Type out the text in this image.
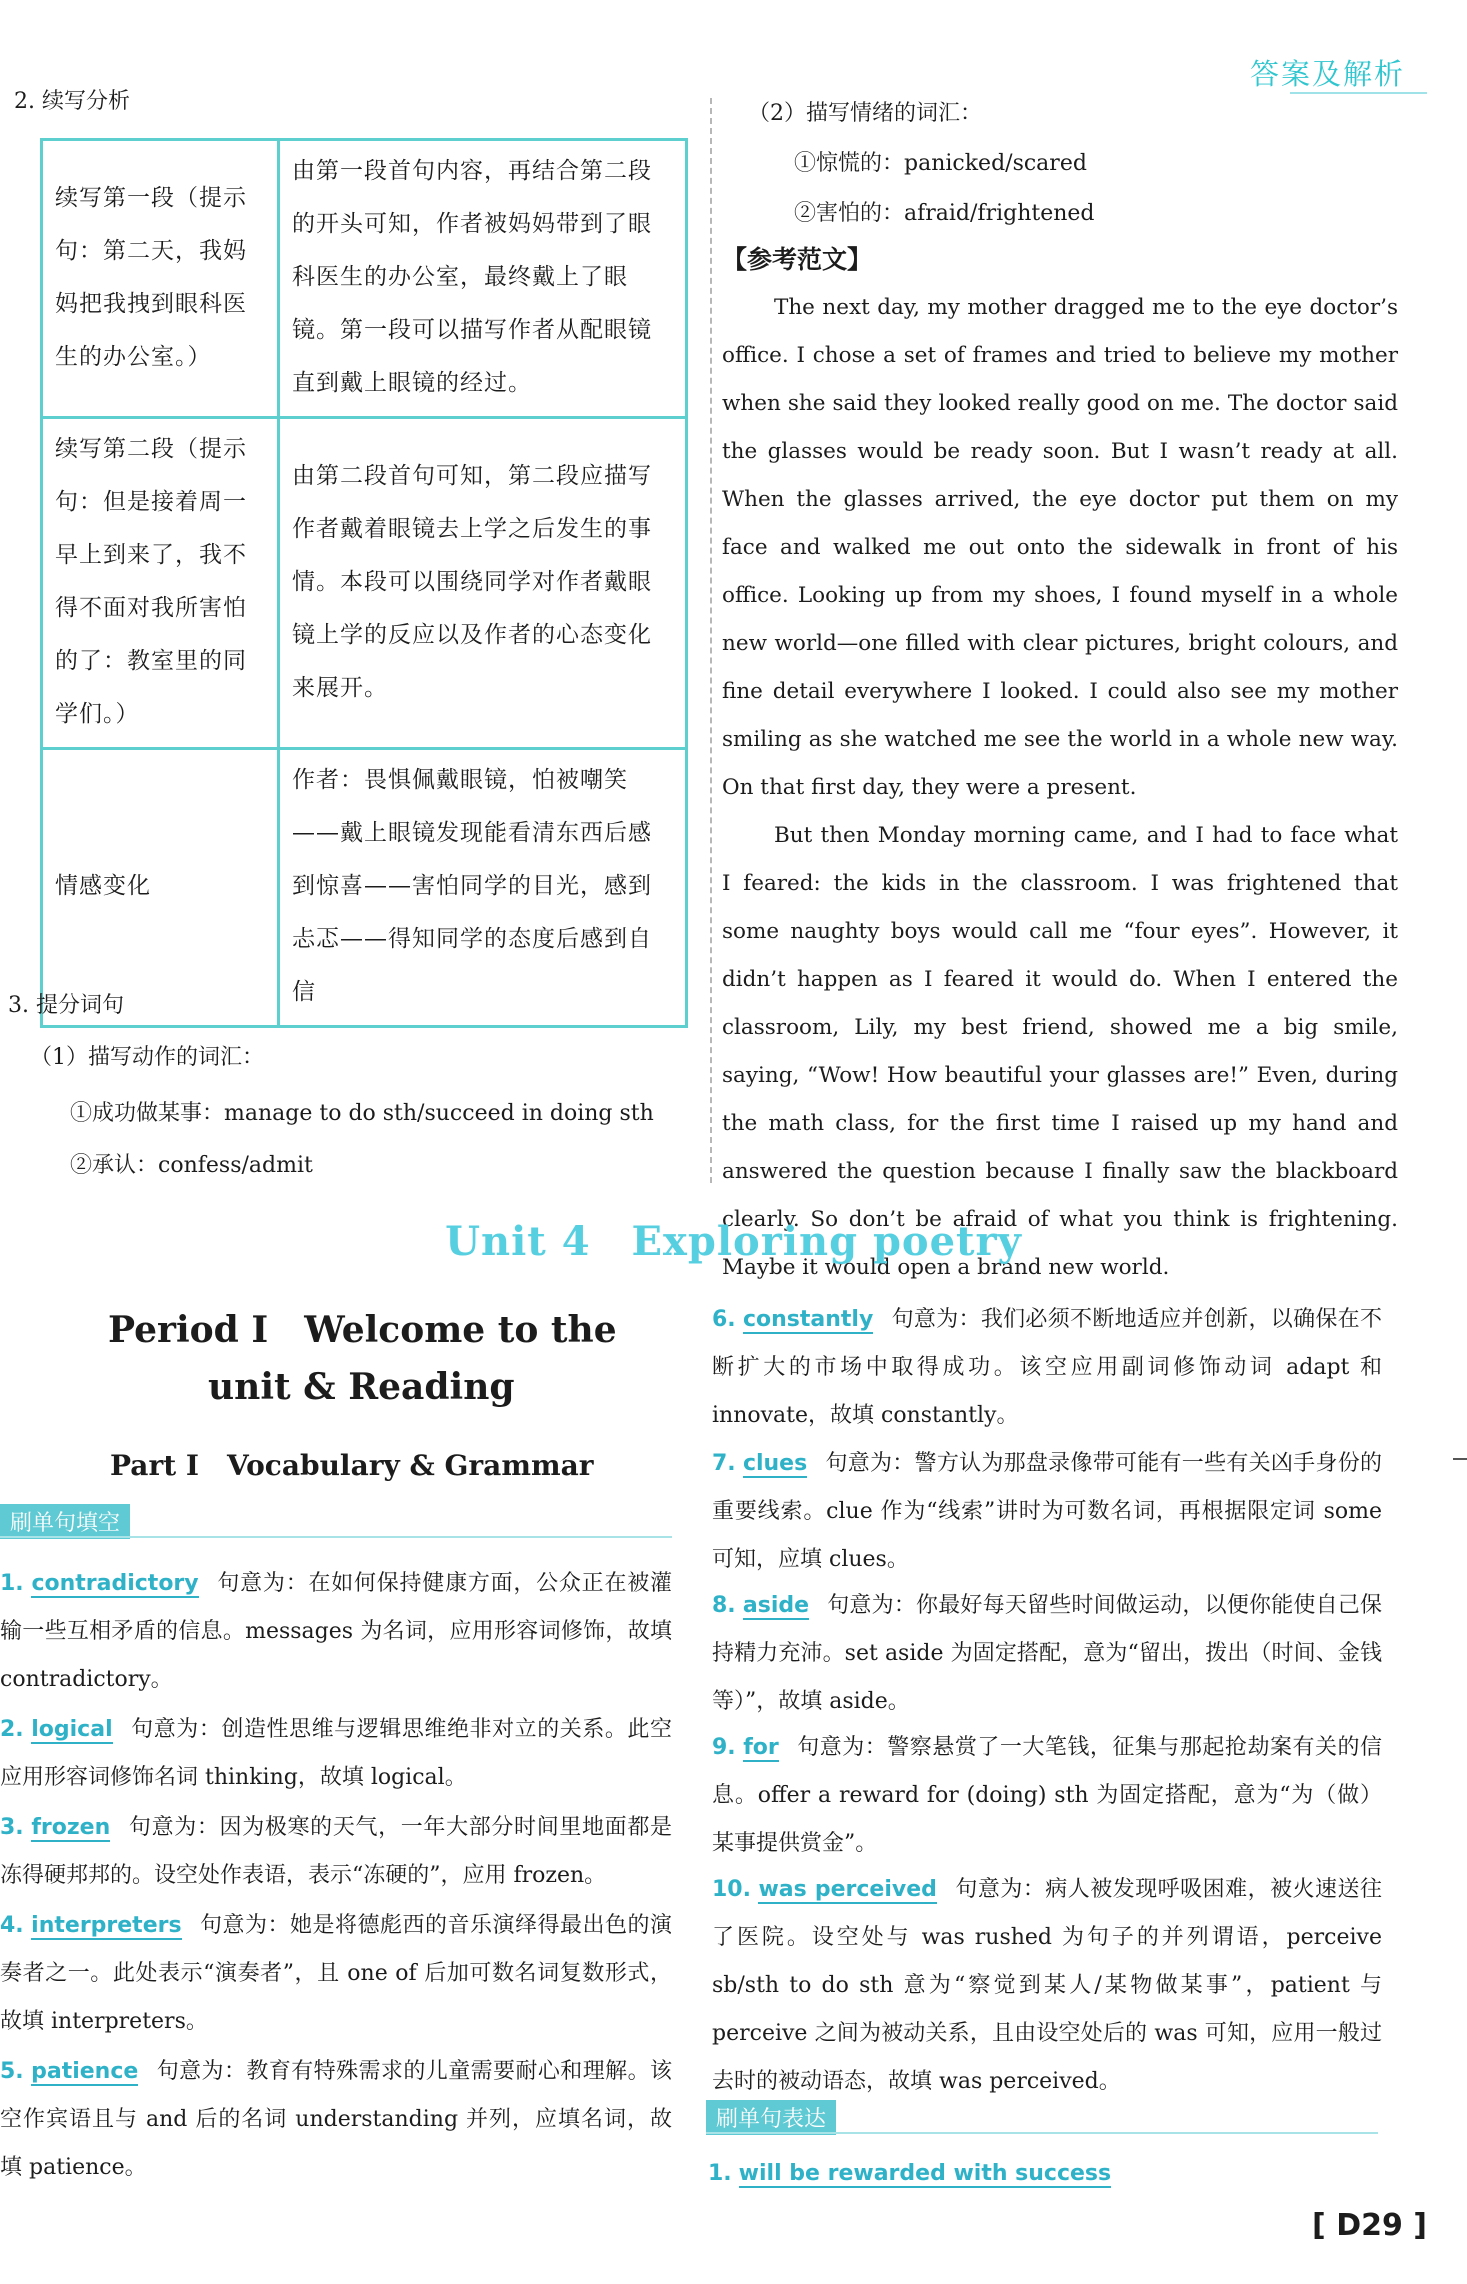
答案及解析
2. 续写分析
续写第一段（提示句：第二天，我妈妈把我拽到眼科医生的办公室。）	由第一段首句内容，再结合第二段的开头可知，作者被妈妈带到了眼科医生的办公室，最终戴上了眼镜。第一段可以描写作者从配眼镜直到戴上眼镜的经过。
续写第二段（提示句：但是接着周一早上到来了，我不得不面对我所害怕的了：教室里的同学们。）	由第二段首句可知，第二段应描写作者戴着眼镜去上学之后发生的事情。本段可以围绕同学对作者戴眼镜上学的反应以及作者的心态变化来展开。
情感变化	作者：畏惧佩戴眼镜，怕被嘲笑——戴上眼镜发现能看清东西后感到惊喜——害怕同学的目光，感到忐忑——得知同学的态度后感到自信
3. 提分词句
（1）描写动作的词汇：
①成功做某事：manage to do sth/succeed in doing sth
②承认：confess/admit
（2）描写情绪的词汇：
①惊慌的：panicked/scared
②害怕的：afraid/frightened
【参考范文】

The next day, my mother dragged me to the eye doctor’s office. I chose a set of frames and tried to believe my mother when she said they looked really good on me. The doctor said the glasses would be ready soon. But I wasn’t ready at all. When the glasses arrived, the eye doctor put them on my face and walked me out onto the sidewalk in front of his office. Looking up from my shoes, I found myself in a whole new world—one filled with clear pictures, bright colours, and fine detail everywhere I looked. I could also see my mother smiling as she watched me see the world in a whole new way. On that first day, they were a present.

But then Monday morning came, and I had to face what I feared: the kids in the classroom. I was frightened that some naughty boys would call me “four eyes”. However, it didn’t happen as I feared it would do. When I entered the classroom, Lily, my best friend, showed me a big smile, saying, “Wow! How beautiful your glasses are!” Even, during the math class, for the first time I raised up my hand and answered the question because I finally saw the blackboard clearly. So don’t be afraid of what you think is frightening. Maybe it would open a brand new world.

Unit 4　Exploring poetry
Period Ⅰ　Welcome to the
unit & Reading
Part Ⅰ　Vocabulary & Grammar
刷单句填空

1. contradictory 句意为：在如何保持健康方面，公众正在被灌输一些互相矛盾的信息。messages 为名词，应用形容词修饰，故填 contradictory。

2. logical 句意为：创造性思维与逻辑思维绝非对立的关系。此空应用形容词修饰名词 thinking，故填 logical。

3. frozen 句意为：因为极寒的天气，一年大部分时间里地面都是冻得硬邦邦的。设空处作表语，表示“冻硬的”，应用 frozen。

4. interpreters 句意为：她是将德彪西的音乐演绎得最出色的演奏者之一。此处表示“演奏者”，且 one of 后加可数名词复数形式，故填 interpreters。

5. patience 句意为：教育有特殊需求的儿童需要耐心和理解。该空作宾语且与 and 后的名词 understanding 并列，应填名词，故填 patience。

6. constantly 句意为：我们必须不断地适应并创新，以确保在不断扩大的市场中取得成功。该空应用副词修饰动词 adapt 和 innovate，故填 constantly。

7. clues 句意为：警方认为那盘录像带可能有一些有关凶手身份的重要线索。clue 作为“线索”讲时为可数名词，再根据限定词 some 可知，应填 clues。

8. aside 句意为：你最好每天留些时间做运动，以便你能使自己保持精力充沛。set aside 为固定搭配，意为“留出，拨出（时间、金钱等）”，故填 aside。

9. for 句意为：警察悬赏了一大笔钱，征集与那起抢劫案有关的信息。offer a reward for (doing) sth 为固定搭配，意为“为（做）某事提供赏金”。

10. was perceived 句意为：病人被发现呼吸困难，被火速送往了医院。设空处与 was rushed 为句子的并列谓语，perceive sb/sth to do sth 意为“察觉到某人/某物做某事”，patient 与 perceive 之间为被动关系，且由设空处后的 was 可知，应用一般过去时的被动语态，故填 was perceived。

刷单句表达

1. will be rewarded with success

[ D29 ]
